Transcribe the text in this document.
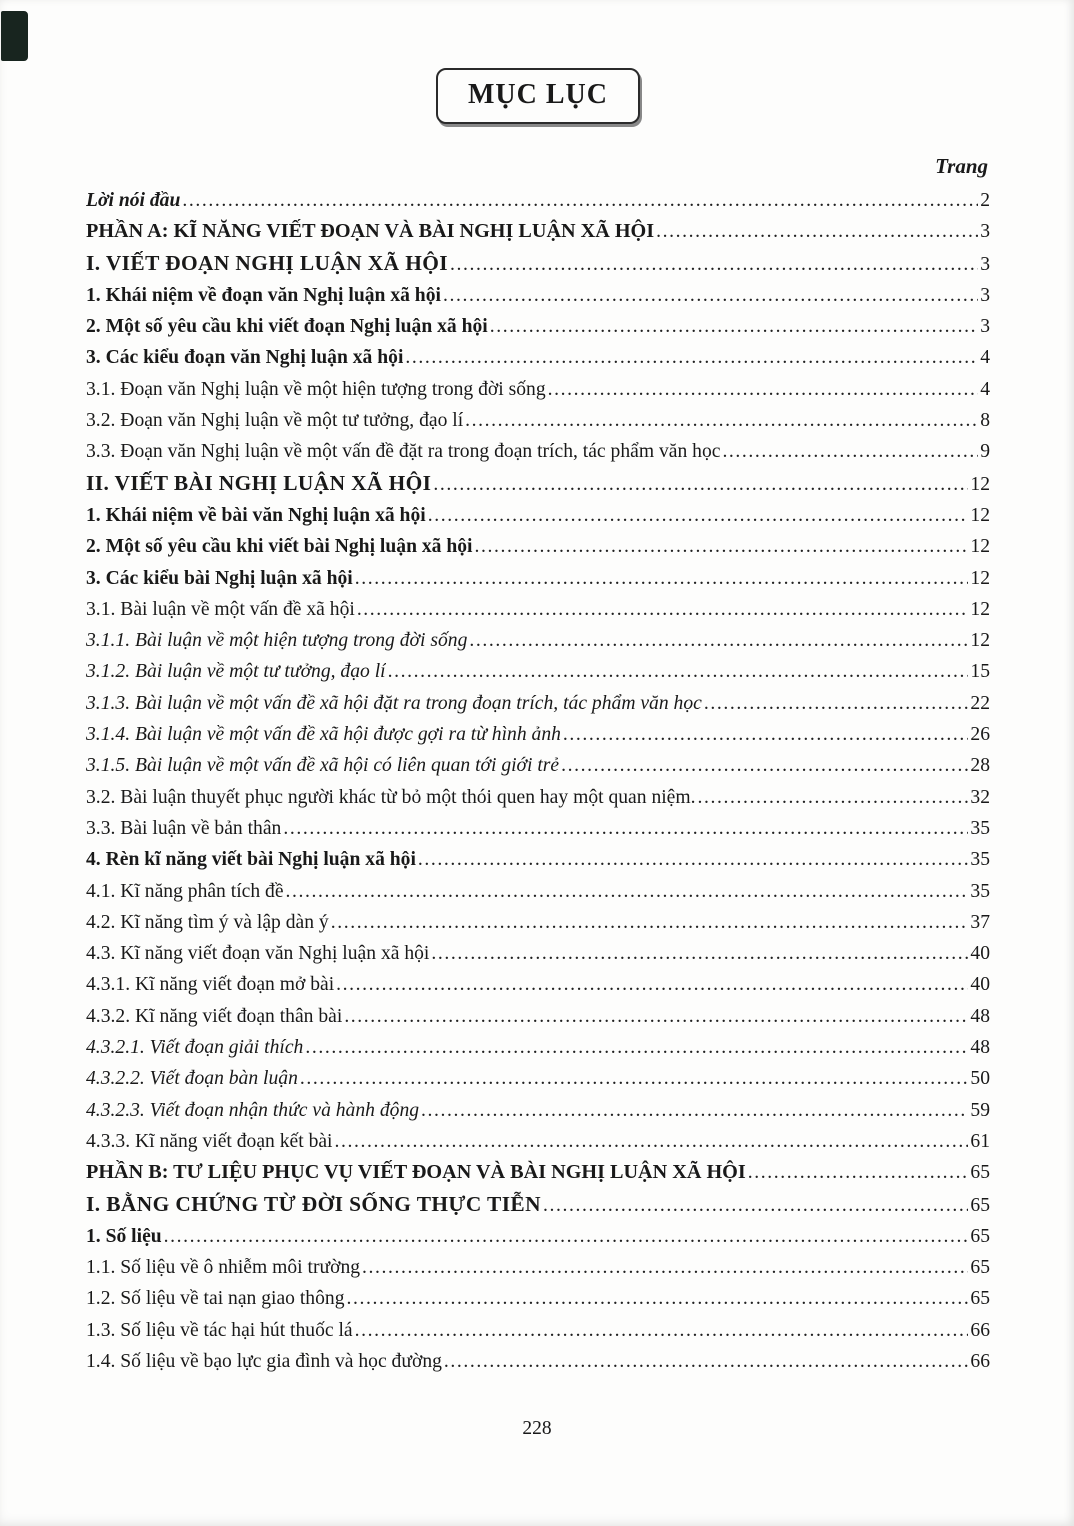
MỤC LỤC
Trang
Lời nói đầu .....	2
PHẦN A: KĨ NĂNG VIẾT ĐOẠN VÀ BÀI NGHỊ LUẬN XÃ HỘI .....	3
I. VIẾT ĐOẠN NGHỊ LUẬN XÃ HỘI .....	3
1. Khái niệm về đoạn văn Nghị luận xã hội .....	3
2. Một số yêu cầu khi viết đoạn Nghị luận xã hội .....	3
3. Các kiểu đoạn văn Nghị luận xã hội .....	4
3.1. Đoạn văn Nghị luận về một hiện tượng trong đời sống .....	4
3.2. Đoạn văn Nghị luận về một tư tưởng, đạo lí .....	8
3.3. Đoạn văn Nghị luận về một vấn đề đặt ra trong đoạn trích, tác phẩm văn học .....	9
II. VIẾT BÀI NGHỊ LUẬN XÃ HỘI .....	12
1. Khái niệm về bài văn Nghị luận xã hội .....	12
2. Một số yêu cầu khi viết bài Nghị luận xã hội .....	12
3. Các kiểu bài Nghị luận xã hội .....	12
3.1. Bài luận về một vấn đề xã hội .....	12
3.1.1. Bài luận về một hiện tượng trong đời sống .....	12
3.1.2. Bài luận về một tư tưởng, đạo lí .....	15
3.1.3. Bài luận về một vấn đề xã hội đặt ra trong đoạn trích, tác phẩm văn học .....	22
3.1.4. Bài luận về một vấn đề xã hội được gợi ra từ hình ảnh .....	26
3.1.5. Bài luận về một vấn đề xã hội có liên quan tới giới trẻ .....	28
3.2. Bài luận thuyết phục người khác từ bỏ một thói quen hay một quan niệm. .....	32
3.3. Bài luận về bản thân .....	35
4. Rèn kĩ năng viết bài Nghị luận xã hội .....	35
4.1. Kĩ năng phân tích đề .....	35
4.2. Kĩ năng tìm ý và lập dàn ý .....	37
4.3. Kĩ năng viết đoạn văn Nghị luận xã hội .....	40
4.3.1. Kĩ năng viết đoạn mở bài .....	40
4.3.2. Kĩ năng viết đoạn thân bài .....	48
4.3.2.1. Viết đoạn giải thích .....	48
4.3.2.2. Viết đoạn bàn luận .....	50
4.3.2.3. Viết đoạn nhận thức và hành động .....	59
4.3.3. Kĩ năng viết đoạn kết bài .....	61
PHẦN B: TƯ LIỆU PHỤC VỤ VIẾT ĐOẠN VÀ BÀI NGHỊ LUẬN XÃ HỘI .....	65
I. BẰNG CHỨNG TỪ ĐỜI SỐNG THỰC TIỄN .....	65
1. Số liệu .....	65
1.1. Số liệu về ô nhiễm môi trường .....	65
1.2. Số liệu về tai nạn giao thông .....	65
1.3. Số liệu về tác hại hút thuốc lá .....	66
1.4. Số liệu về bạo lực gia đình và học đường .....	66
228
